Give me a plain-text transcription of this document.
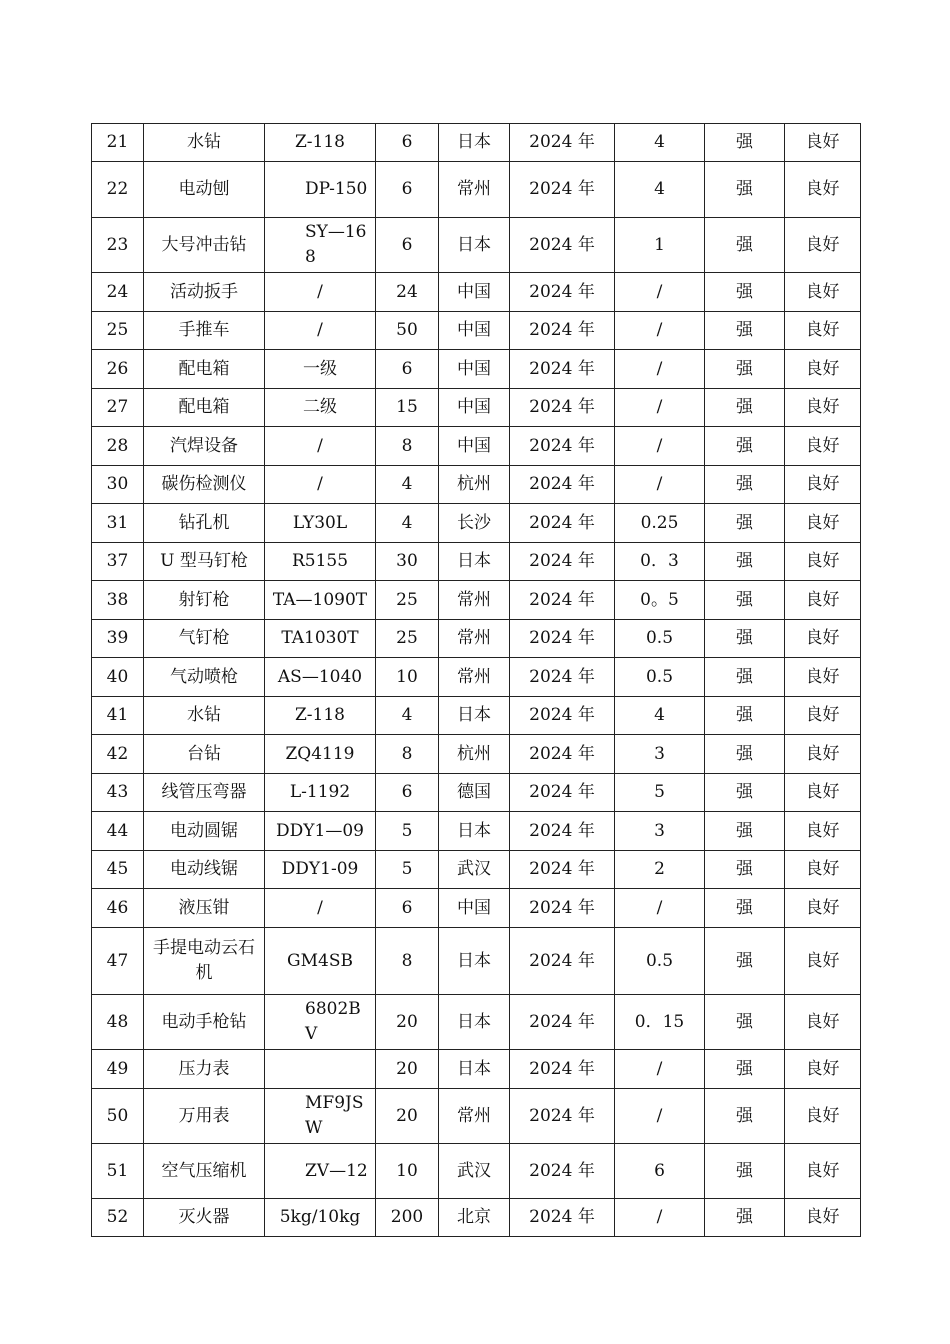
21	水钻	Z-118	6	日本	2024 年	4	强	良好
22	电动刨	DP-150	6	常州	2024 年	4	强	良好
23	大号冲击钻	SY—168	6	日本	2024 年	1	强	良好
24	活动扳手	/	24	中国	2024 年	/	强	良好
25	手推车	/	50	中国	2024 年	/	强	良好
26	配电箱	一级	6	中国	2024 年	/	强	良好
27	配电箱	二级	15	中国	2024 年	/	强	良好
28	汽焊设备	/	8	中国	2024 年	/	强	良好
30	碳伤检测仪	/	4	杭州	2024 年	/	强	良好
31	钻孔机	LY30L	4	长沙	2024 年	0.25	强	良好
37	U 型马钉枪	R5155	30	日本	2024 年	0．3	强	良好
38	射钉枪	TA—1090T	25	常州	2024 年	0。5	强	良好
39	气钉枪	TA1030T	25	常州	2024 年	0.5	强	良好
40	气动喷枪	AS—1040	10	常州	2024 年	0.5	强	良好
41	水钻	Z-118	4	日本	2024 年	4	强	良好
42	台钻	ZQ4119	8	杭州	2024 年	3	强	良好
43	线管压弯器	L-1192	6	德国	2024 年	5	强	良好
44	电动圆锯	DDY1—09	5	日本	2024 年	3	强	良好
45	电动线锯	DDY1-09	5	武汉	2024 年	2	强	良好
46	液压钳	/	6	中国	2024 年	/	强	良好
47	手提电动云石机	GM4SB	8	日本	2024 年	0.5	强	良好
48	电动手枪钻	6802BV	20	日本	2024 年	0．15	强	良好
49	压力表		20	日本	2024 年	/	强	良好
50	万用表	MF9JSW	20	常州	2024 年	/	强	良好
51	空气压缩机	ZV—12	10	武汉	2024 年	6	强	良好
52	灭火器	5kg/10kg	200	北京	2024 年	/	强	良好
